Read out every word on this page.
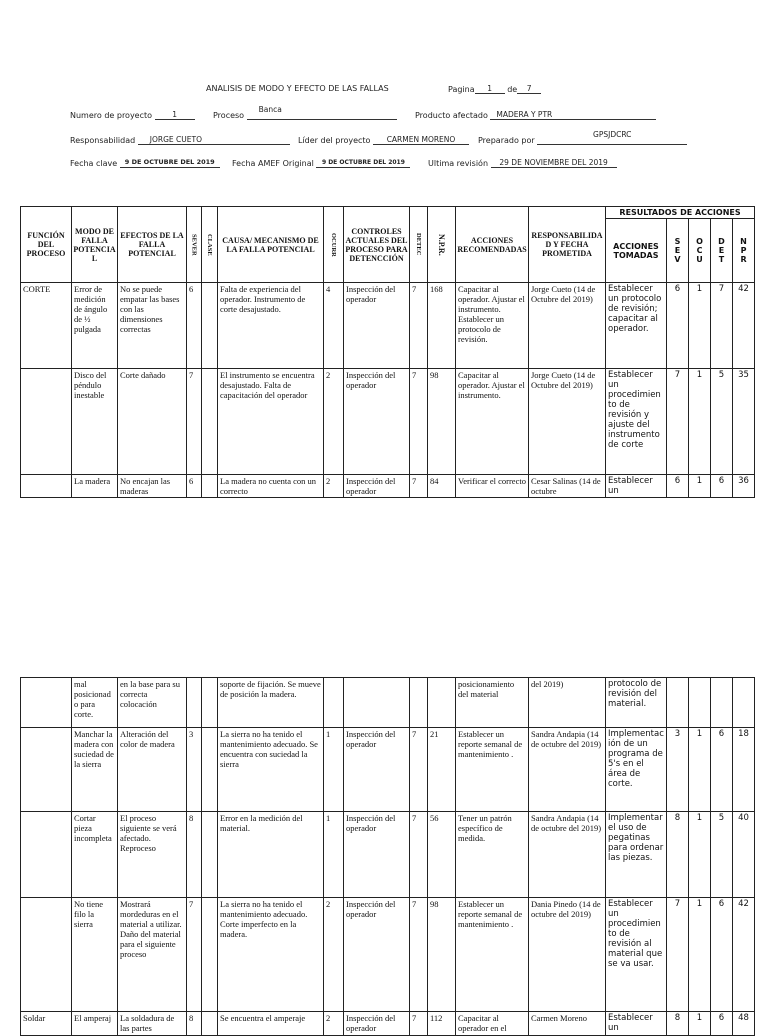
ANALISIS DE MODO Y EFECTO DE LAS FALLAS	Pagina 1 de 7
Numero de proyecto	1	Proceso Banca
Producto afectado MADERA Y PTR
Responsabilidad JORGE CUETO	Líder del proyecto CARMEN MORENO	Preparado por GPSJDCRC
Fecha clave 9 DE OCTUBRE DEL 2019	Fecha AMEF Original 9 DE OCTUBRE DEL 2019	Ultima revisión 29 DE NOVIEMBRE DEL 2019
FUNCIÓN DEL PROCESO	MODO DE FALLA POTENCIAL	EFECTOS DE LA FALLA POTENCIAL	SEVER	CLASE	CAUSA/ MECANISMO DE LA FALLA POTENCIAL	OCURR	CONTROLES ACTUALES DEL PROCESO PARA DETENCCIÓN	DETEC	N.P.R.	ACCIONES RECOMENDADAS	RESPONSABILIDAD Y FECHA PROMETIDA	RESULTADOS DE ACCIONES				
												ACCIONES TOMADAS	S E V	O C U	D E T	N P R
CORTE	Error de medición de ángulo de ½ pulgada	No se puede empatar las bases con las dimensiones correctas	6		Falta de experiencia del operador. Instrumento de corte desajustado.	4	Inspección del operador	7	168	Capacitar al operador. Ajustar el instrumento. Establecer un protocolo de revisión.	Jorge Cueto (14 de Octubre del 2019)	Establecer un protocolo de revisión; capacitar al operador.	6	1	7	42
	Disco del péndulo inestable	Corte dañado	7		El instrumento se encuentra desajustado. Falta de capacitación del operador	2	Inspección del operador	7	98	Capacitar al operador. Ajustar el instrumento.	Jorge Cueto (14 de Octubre del 2019)	Establecer un procedimiento de revisión y ajuste del instrumento de corte	7	1	5	35
	La madera	No encajan las maderas	6		La madera no cuenta con un correcto	2	Inspección del operador	7	84	Verificar el correcto	Cesar Salinas (14 de octubre	Establecer un	6	1	6	36
	mal posicionado para corte.	en la base para su correcta colocación			soporte de fijación. Se mueve de posición la madera.					posicionamiento del material	del 2019)	protocolo de revisión del material.				
	Manchar la madera con suciedad de la sierra	Alteración del color de madera	3		La sierra no ha tenido el mantenimiento adecuado. Se encuentra con suciedad la sierra	1	Inspección del operador	7	21	Establecer un reporte semanal de mantenimiento .	Sandra Andapia (14 de octubre del 2019)	Implementación de un programa de 5's en el área de corte.	3	1	6	18
	Cortar pieza incompleta	El proceso siguiente se verá afectado. Reproceso	8		Error en la medición del material.	1	Inspección del operador	7	56	Tener un patrón específico de medida.	Sandra Andapia (14 de octubre del 2019)	Implementar el uso de pegatinas para ordenar las piezas.	8	1	5	40
	No tiene filo la sierra	Mostrará mordeduras en el material a utilizar. Daño del material para el siguiente proceso	7		La sierra no ha tenido el mantenimiento adecuado. Corte imperfecto en la madera.	2	Inspección del operador	7	98	Establecer un reporte semanal de mantenimiento .	Dania Pinedo (14 de octubre del 2019)	Establecer un procedimiento de revisión al material que se va usar.	7	1	6	42
Soldar	El amperaj	La soldadura de las partes	8		Se encuentra el amperaje	2	Inspección del operador	7	112	Capacitar al operador en el	Carmen Moreno	Establecer un	8	1	6	48
